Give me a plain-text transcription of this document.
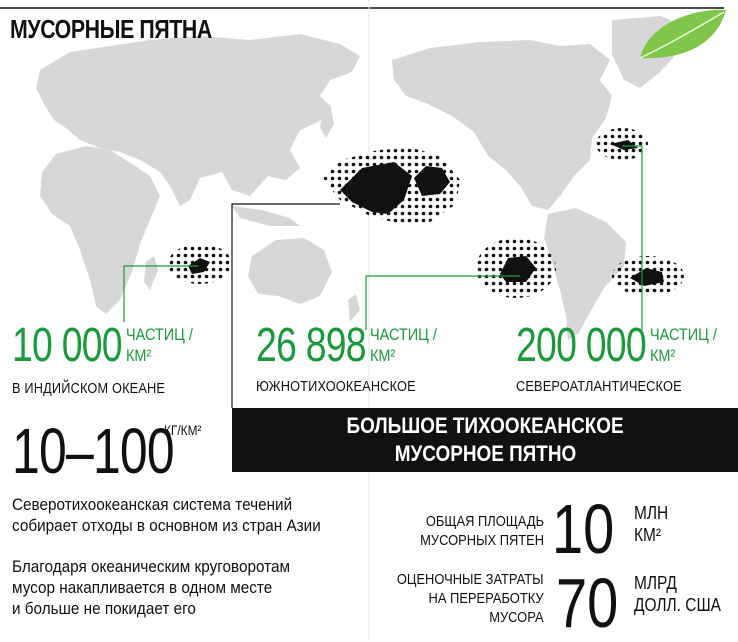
МУСОРНЫЕ ПЯТНА
10 000 ЧАСТИЦ /
КМ²
В ИНДИЙСКОМ ОКЕАНЕ
26 898 ЧАСТИЦ /
КМ²
ЮЖНОТИХООКЕАНСКОЕ
200 000 ЧАСТИЦ /
КМ²
СЕВЕРОАТЛАНТИЧЕСКОЕ
10–100
КГ/КМ²	БОЛЬШОЕ ТИХООКЕАНСКОЕ
МУСОРНОЕ ПЯТНО
Северотихоокеанская система течений
собирает отходы в основном из стран Азии
Благодаря океаническим круговоротам
мусор накапливается в одном месте
и больше не покидает его
ОБЩАЯ ПЛОЩАДЬ
МУСОРНЫХ ПЯТЕН 10 МЛН
КМ²
ОЦЕНОЧНЫЕ ЗАТРАТЫ
НА ПЕРЕРАБОТКУ
МУСОРА 70 МЛРД
ДОЛЛ. США
